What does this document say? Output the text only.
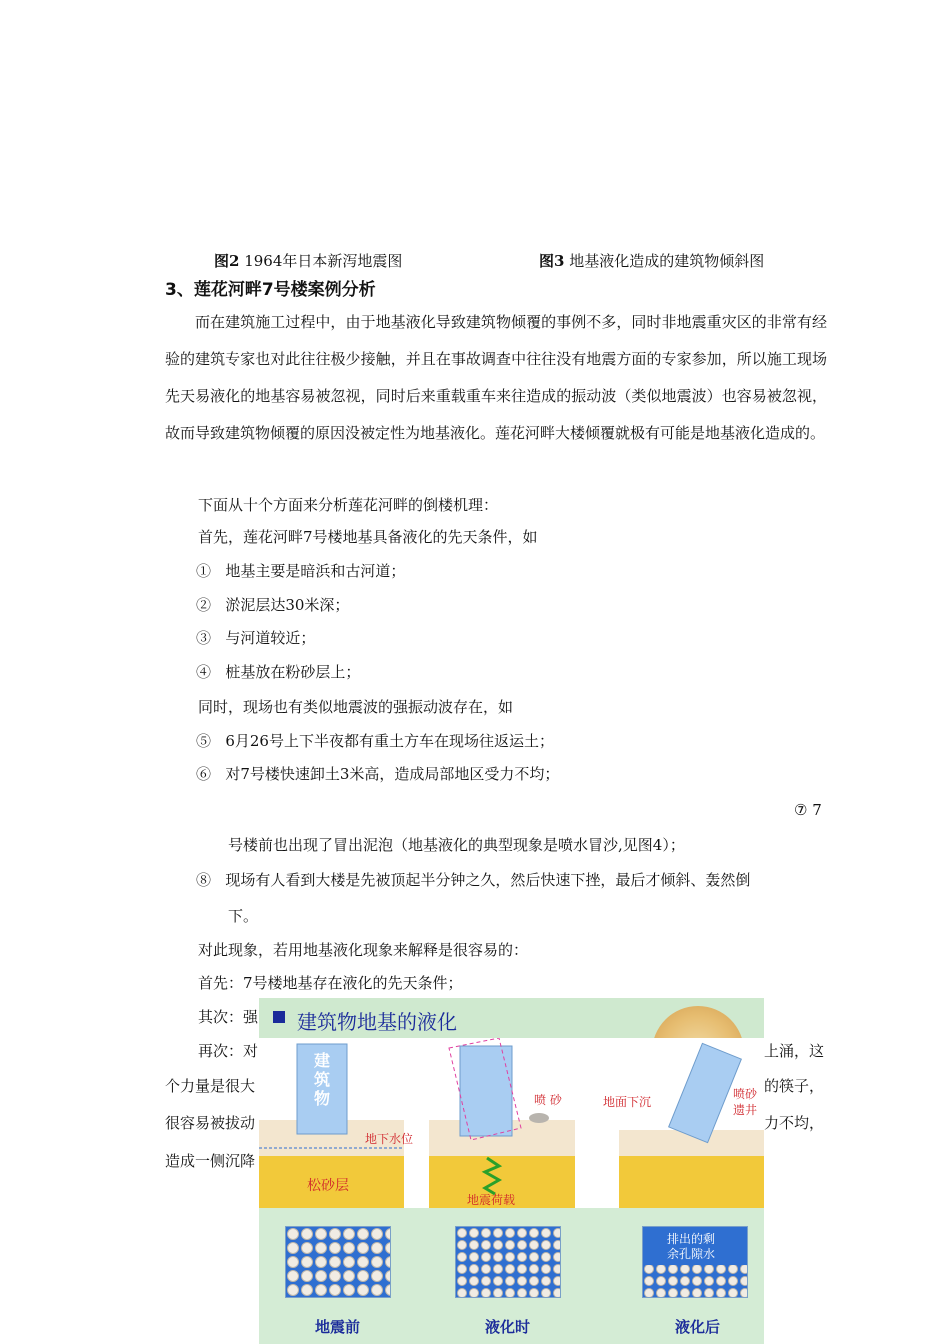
图2 1964年日本新泻地震图	图3 地基液化造成的建筑物倾斜图
3、莲花河畔7号楼案例分析
而在建筑施工过程中，由于地基液化导致建筑物倾覆的事例不多，同时非地震重灾区的非常有经验的建筑专家也对此往往极少接触，并且在事故调查中往往没有地震方面的专家参加，所以施工现场先天易液化的地基容易被忽视，同时后来重载重车来往造成的振动波（类似地震波）也容易被忽视，故而导致建筑物倾覆的原因没被定性为地基液化。莲花河畔大楼倾覆就极有可能是地基液化造成的。
下面从十个方面来分析莲花河畔的倒楼机理：
首先，莲花河畔7号楼地基具备液化的先天条件，如
① 地基主要是暗浜和古河道；
② 淤泥层达30米深；
③ 与河道较近；
④ 桩基放在粉砂层上；
同时，现场也有类似地震波的强振动波存在，如
⑤ 6月26号上下半夜都有重土方车在现场往返运土；
⑥ 对7号楼快速卸土3米高，造成局部地区受力不均；
⑦ 7
号楼前也出现了冒出泥泡（地基液化的典型现象是喷水冒沙,见图4）；
⑧ 现场有人看到大楼是先被顶起半分钟之久，然后快速下挫，最后才倾斜、轰然倒
下。
对此现象，若用地基液化现象来解释是很容易的：
首先：7号楼地基存在液化的先天条件；
其次：强
再次：对	上涌，这
个力量是很大	的筷子，
很容易被拔动	力不均，
造成一侧沉降
建筑物地基的液化
建
筑
物
地下水位
松砂层
地震荷载
喷 砂	地面下沉
喷砂
遗井
排出的剩
余孔隙水
地震前	液化时	液化后
